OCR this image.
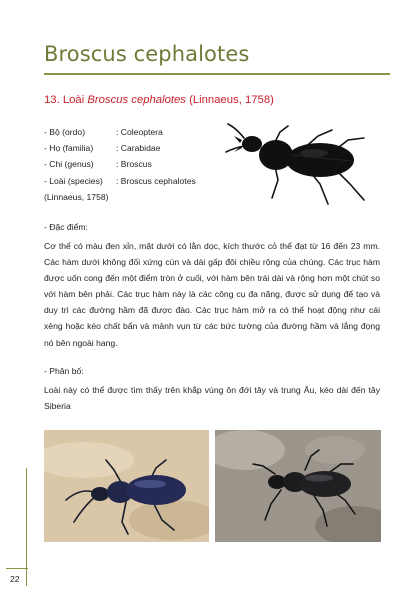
Broscus cephalotes
13. Loài Broscus cephalotes (Linnaeus, 1758)
- Bộ (ordo)	: Coleoptera
- Họ (familia)	: Carabidae
- Chi (genus)	: Broscus
- Loài (species)	: Broscus cephalotes
(Linnaeus, 1758)
- Đặc điểm:
Cơ thể có màu đen xỉn, mặt dưới có lằn dọc, kích thước cỏ thể đạt từ 16 đến 23 mm. Các hàm dưới không đối xứng cùn và dài gấp đôi chiều rộng của chúng. Các trục hàm được uốn cong đến một điểm tròn ở cuối, với hàm bên trái dài và rộng hơn một chút so với hàm bên phải. Các trục hàm này là các công cụ đa năng, được sử dụng để tạo và duy trì các đường hầm đã được đào. Các trục hàm mở ra có thể hoạt động như cái xẻng hoặc kéo chất bẩn và mảnh vụn từ các bức tường của đường hầm và lắng đọng nó bên ngoài hang.
- Phân bố:
Loài này có thể được tìm thấy trên khắp vùng ôn đới tây và trung Âu, kéo dài đến tây Siberia
22
